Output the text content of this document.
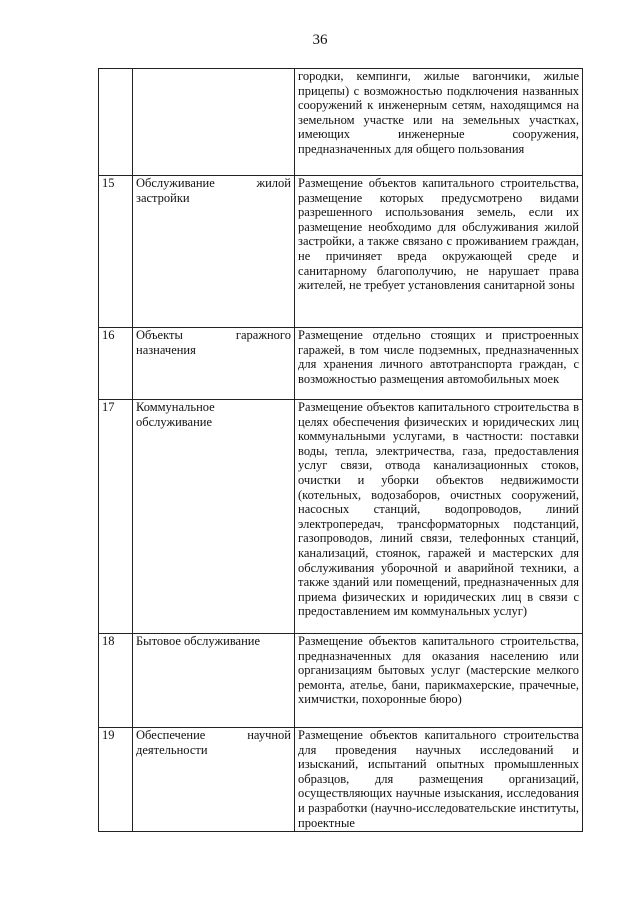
36
		городки, кемпинги, жилые вагончики, жилые прицепы) с возможностью подключения названных сооружений к инженерным сетям, находящимся на земельном участке или на земельных участках, имеющих инженерные сооружения, предназначенных для общего пользования
15	Обслуживание жилой застройки	Размещение объектов капитального строительства, размещение которых предусмотрено видами разрешенного использования земель, если их размещение необходимо для обслуживания жилой застройки, а также связано с проживанием граждан, не причиняет вреда окружающей среде и санитарному благополучию, не нарушает права жителей, не требует установления санитарной зоны
16	Объекты гаражного назначения	Размещение отдельно стоящих и пристроенных гаражей, в том числе подземных, предназначенных для хранения личного автотранспорта граждан, с возможностью размещения автомобильных моек
17	Коммунальное обслуживание	Размещение объектов капитального строительства в целях обеспечения физических и юридических лиц коммунальными услугами, в частности: поставки воды, тепла, электричества, газа, предоставления услуг связи, отвода канализационных стоков, очистки и уборки объектов недвижимости (котельных, водозаборов, очистных сооружений, насосных станций, водопроводов, линий электропередач, трансформаторных подстанций, газопроводов, линий связи, телефонных станций, канализаций, стоянок, гаражей и мастерских для обслуживания уборочной и аварийной техники, а также зданий или помещений, предназначенных для приема физических и юридических лиц в связи с предоставлением им коммунальных услуг)
18	Бытовое обслуживание	Размещение объектов капитального строительства, предназначенных для оказания населению или организациям бытовых услуг (мастерские мелкого ремонта, ателье, бани, парикмахерские, прачечные, химчистки, похоронные бюро)
19	Обеспечение научной деятельности	Размещение объектов капитального строительства для проведения научных исследований и изысканий, испытаний опытных промышленных образцов, для размещения организаций, осуществляющих научные изыскания, исследования и разработки (научно-исследовательские институты, проектные
